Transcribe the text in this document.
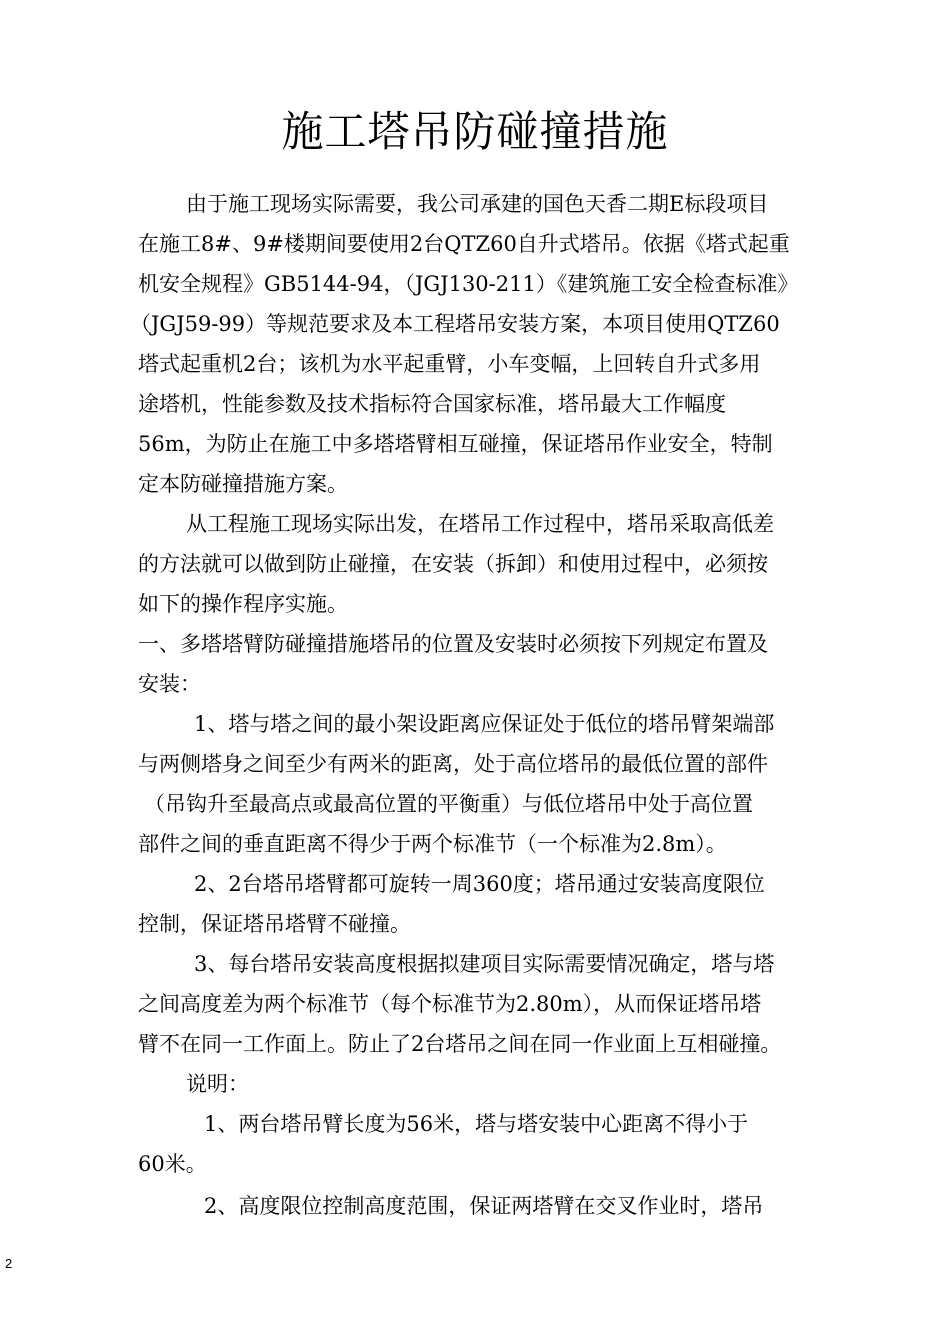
施工塔吊防碰撞措施
由于施工现场实际需要，我公司承建的国色天香二期E标段项目
在施工8#、9#楼期间要使用2台QTZ60自升式塔吊。依据《塔式起重
机安全规程》GB5144-94，（JGJ130-211）《建筑施工安全检查标准》
（JGJ59-99）等规范要求及本工程塔吊安装方案，本项目使用QTZ60
塔式起重机2台；该机为水平起重臂，小车变幅，上回转自升式多用
途塔机，性能参数及技术指标符合国家标准，塔吊最大工作幅度
56m，为防止在施工中多塔塔臂相互碰撞，保证塔吊作业安全，特制
定本防碰撞措施方案。
从工程施工现场实际出发，在塔吊工作过程中，塔吊采取高低差
的方法就可以做到防止碰撞，在安装（拆卸）和使用过程中，必须按
如下的操作程序实施。
一、多塔塔臂防碰撞措施塔吊的位置及安装时必须按下列规定布置及
安装：
1、塔与塔之间的最小架设距离应保证处于低位的塔吊臂架端部
与两侧塔身之间至少有两米的距离，处于高位塔吊的最低位置的部件
（吊钩升至最高点或最高位置的平衡重）与低位塔吊中处于高位置
部件之间的垂直距离不得少于两个标准节（一个标准为2.8m）。
2、2台塔吊塔臂都可旋转一周360度；塔吊通过安装高度限位
控制，保证塔吊塔臂不碰撞。
3、每台塔吊安装高度根据拟建项目实际需要情况确定，塔与塔
之间高度差为两个标准节（每个标准节为2.80m），从而保证塔吊塔
臂不在同一工作面上。防止了2台塔吊之间在同一作业面上互相碰撞。
说明：
1、两台塔吊臂长度为56米，塔与塔安装中心距离不得小于
60米。
2、高度限位控制高度范围，保证两塔臂在交叉作业时，塔吊
2
